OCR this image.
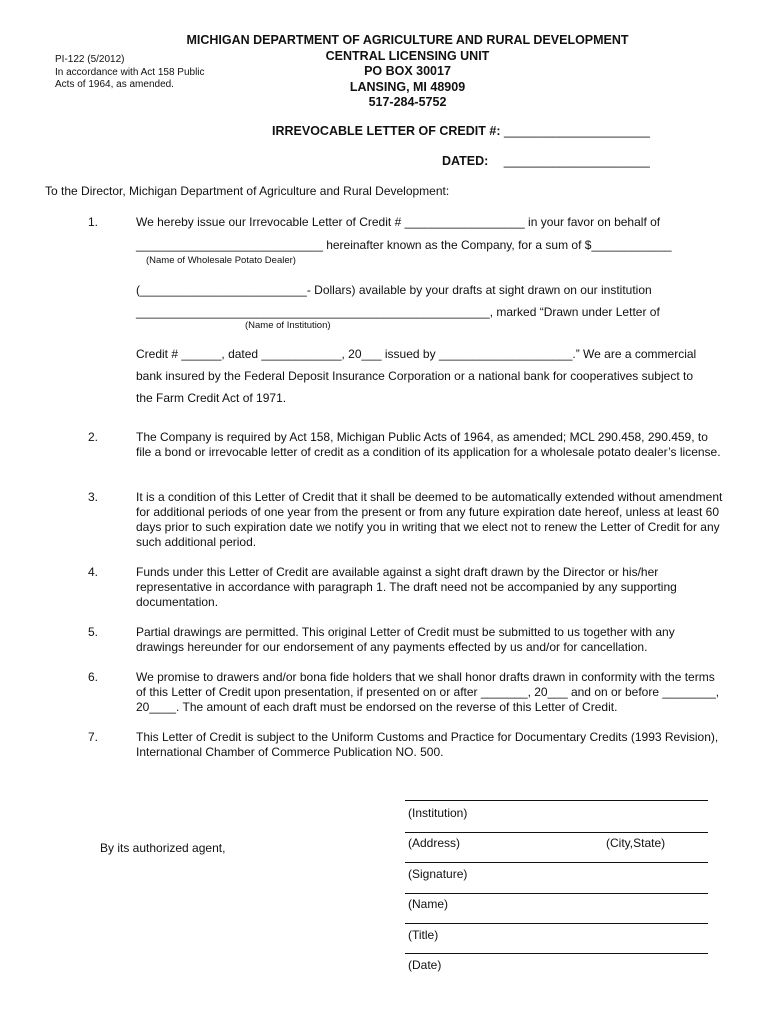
PI-122 (5/2012)
In accordance with Act 158 Public
Acts of 1964, as amended.
MICHIGAN DEPARTMENT OF AGRICULTURE AND RURAL DEVELOPMENT
CENTRAL LICENSING UNIT
PO BOX 30017
LANSING, MI 48909
517-284-5752
IRREVOCABLE LETTER OF CREDIT #: _____________________
DATED: _____________________
To the Director, Michigan Department of Agriculture and Rural Development:
1.	We hereby issue our Irrevocable Letter of Credit # __________________ in your favor on behalf of
____________________________ hereinafter known as the Company, for a sum of $____________
(Name of Wholesale Potato Dealer)
(_________________________- Dollars) available by your drafts at sight drawn on our institution
_____________________________________________________, marked “Drawn under Letter of
(Name of Institution)
Credit # ______, dated ____________, 20___ issued by ____________________.” We are a commercial
bank insured by the Federal Deposit Insurance Corporation or a national bank for cooperatives subject to
the Farm Credit Act of 1971.
2.	The Company is required by Act 158, Michigan Public Acts of 1964, as amended; MCL 290.458, 290.459, to file a bond or irrevocable letter of credit as a condition of its application for a wholesale potato dealer’s license.
3.	It is a condition of this Letter of Credit that it shall be deemed to be automatically extended without amendment for additional periods of one year from the present or from any future expiration date hereof, unless at least 60 days prior to such expiration date we notify you in writing that we elect not to renew the Letter of Credit for any such additional period.
4.	Funds under this Letter of Credit are available against a sight draft drawn by the Director or his/her representative in accordance with paragraph 1. The draft need not be accompanied by any supporting documentation.
5.	Partial drawings are permitted. This original Letter of Credit must be submitted to us together with any drawings hereunder for our endorsement of any payments effected by us and/or for cancellation.
6.	We promise to drawers and/or bona fide holders that we shall honor drafts drawn in conformity with the terms of this Letter of Credit upon presentation, if presented on or after _______, 20___ and on or before ________, 20____. The amount of each draft must be endorsed on the reverse of this Letter of Credit.
7.	This Letter of Credit is subject to the Uniform Customs and Practice for Documentary Credits (1993 Revision), International Chamber of Commerce Publication NO. 500.
By its authorized agent,
(Institution)
(Address)	(City,State)
(Signature)
(Name)
(Title)
(Date)
